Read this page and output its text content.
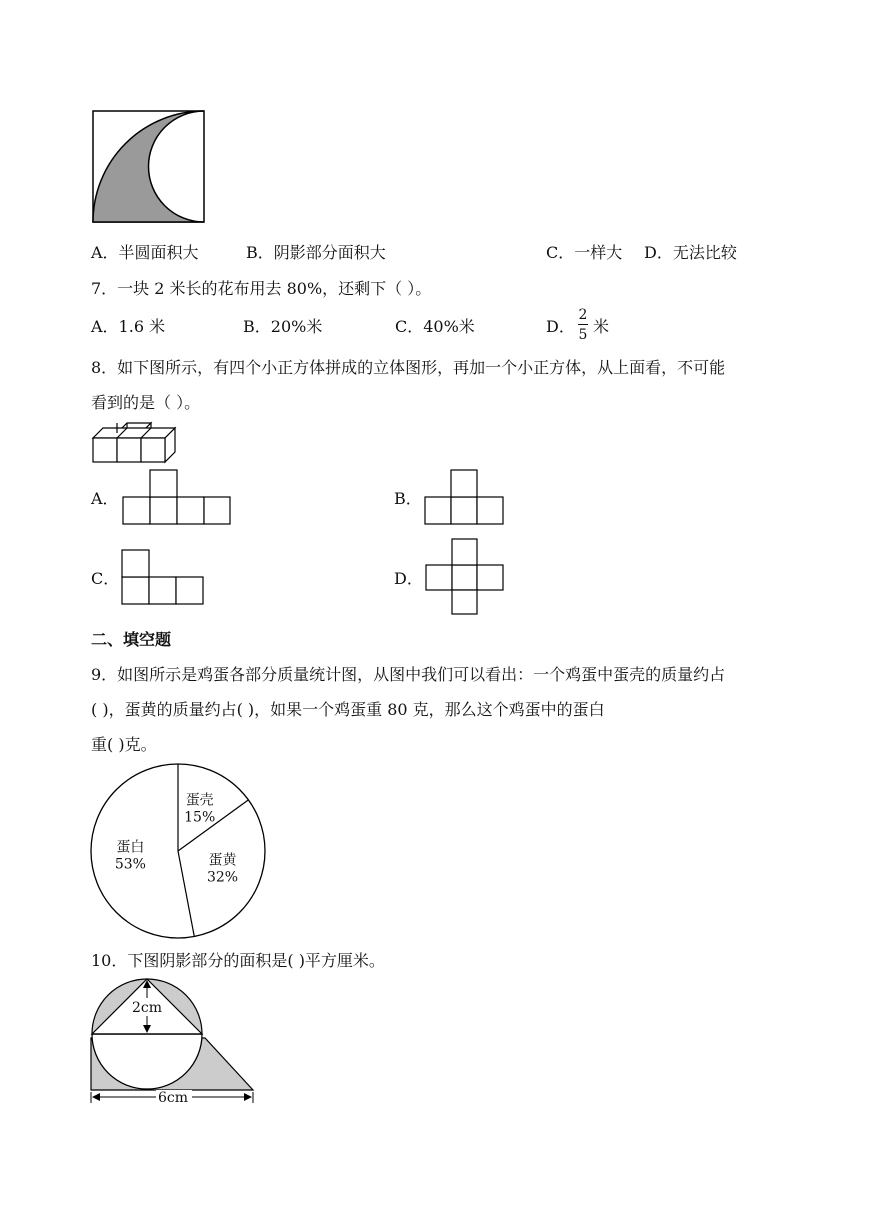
A．半圆面积大	B．阴影部分面积大	C．一样大 D．无法比较
7．一块 2 米长的花布用去 80%，还剩下（ ）。
A．1.6 米	B．20%米	C．40%米	D．
2
5 米
8．如下图所示，有四个小正方体拼成的立体图形，再加一个小正方体，从上面看，不可能
看到的是（ ）。
A．	B．
C．	D．
二、填空题
9．如图所示是鸡蛋各部分质量统计图，从图中我们可以看出：一个鸡蛋中蛋壳的质量约占
( )，蛋黄的质量约占( )，如果一个鸡蛋重 80 克，那么这个鸡蛋中的蛋白
重( )克。
蛋壳
15%
蛋黄
32%
蛋白
53%
10．下图阴影部分的面积是( )平方厘米。
2cm
6cm
